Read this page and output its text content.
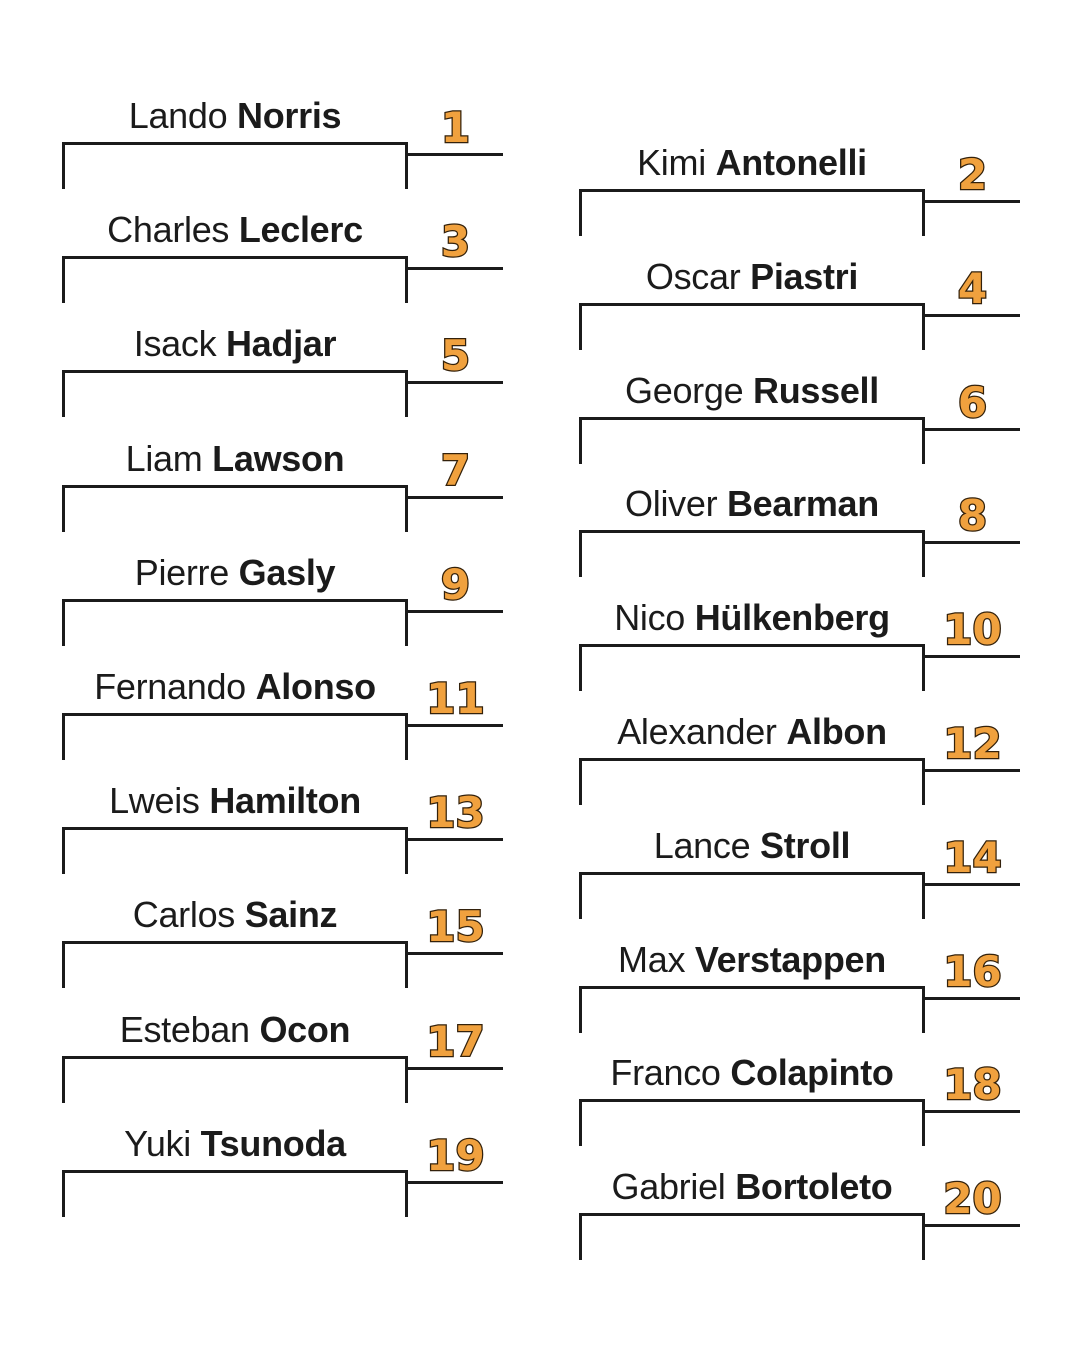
Lando Norris	1
Charles Leclerc	3
Isack Hadjar	5
Liam Lawson	7
Pierre Gasly	9
Fernando Alonso	11
Lweis Hamilton	13
Carlos Sainz	15
Esteban Ocon	17
Yuki Tsunoda	19
Kimi Antonelli	2
Oscar Piastri	4
George Russell	6
Oliver Bearman	8
Nico Hülkenberg	10
Alexander Albon	12
Lance Stroll	14
Max Verstappen	16
Franco Colapinto	18
Gabriel Bortoleto	20
